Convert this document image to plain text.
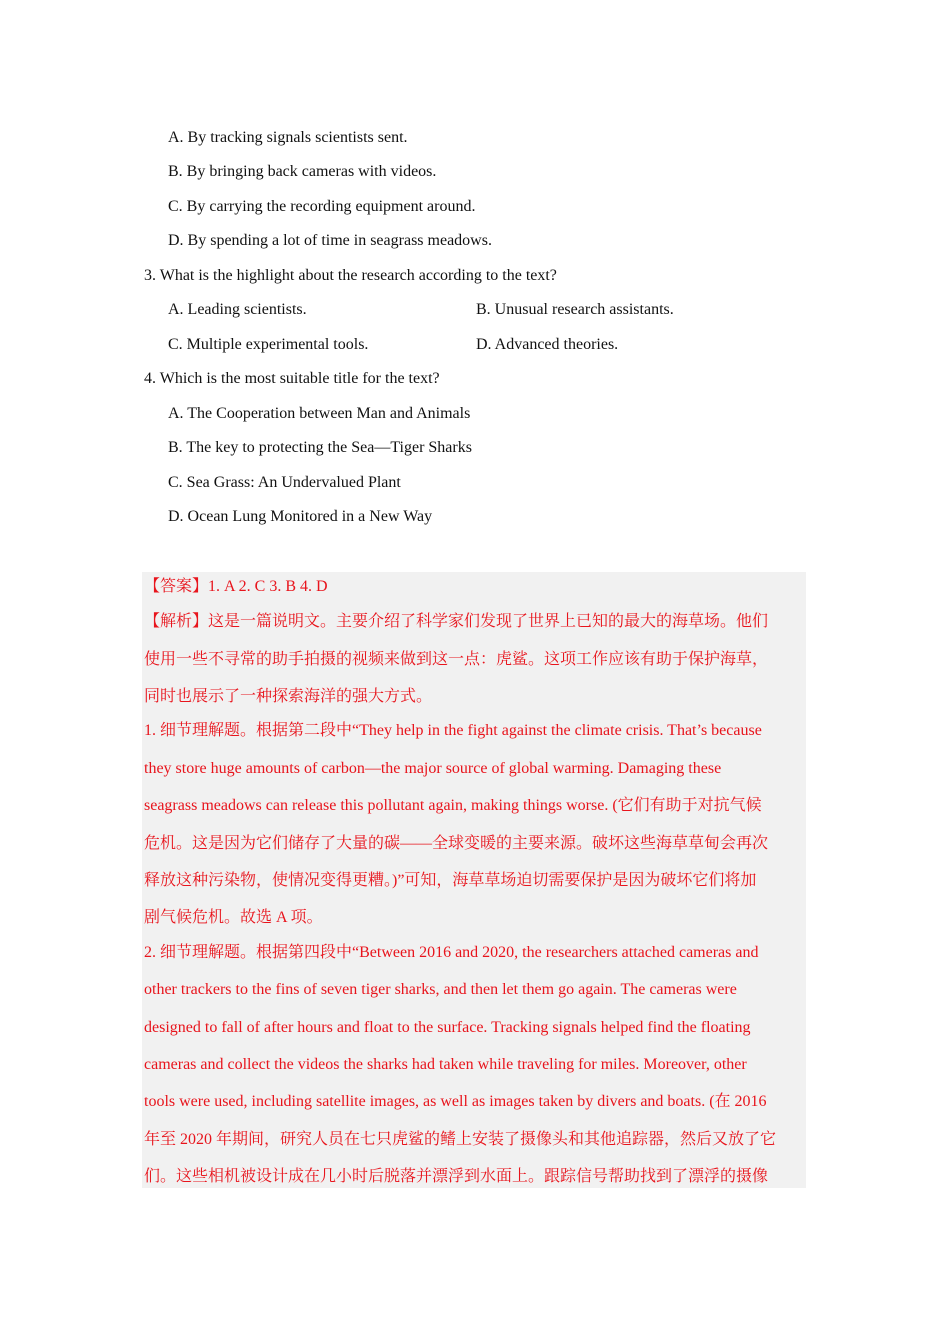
A. By tracking signals scientists sent.
B. By bringing back cameras with videos.
C. By carrying the recording equipment around.
D. By spending a lot of time in seagrass meadows.
3. What is the highlight about the research according to the text?
A. Leading scientists.	B. Unusual research assistants.
C. Multiple experimental tools.	D. Advanced theories.
4. Which is the most suitable title for the text?
A. The Cooperation between Man and Animals
B. The key to protecting the Sea—Tiger Sharks
C. Sea Grass: An Undervalued Plant
D. Ocean Lung Monitored in a New Way
【答案】1. A 2. C 3. B 4. D
【解析】这是一篇说明文。主要介绍了科学家们发现了世界上已知的最大的海草场。他们
使用一些不寻常的助手拍摄的视频来做到这一点：虎鲨。这项工作应该有助于保护海草，
同时也展示了一种探索海洋的强大方式。
1. 细节理解题。根据第二段中“They help in the fight against the climate crisis. That’s because
they store huge amounts of carbon—the major source of global warming. Damaging these
seagrass meadows can release this pollutant again, making things worse. (它们有助于对抗气候
危机。这是因为它们储存了大量的碳——全球变暖的主要来源。破坏这些海草草甸会再次
释放这种污染物，使情况变得更糟。)”可知，海草草场迫切需要保护是因为破坏它们将加
剧气候危机。故选 A 项。
2. 细节理解题。根据第四段中“Between 2016 and 2020, the researchers attached cameras and
other trackers to the fins of seven tiger sharks, and then let them go again. The cameras were
designed to fall of after hours and float to the surface. Tracking signals helped find the floating
cameras and collect the videos the sharks had taken while traveling for miles. Moreover, other
tools were used, including satellite images, as well as images taken by divers and boats. (在 2016
年至 2020 年期间，研究人员在七只虎鲨的鳍上安装了摄像头和其他追踪器，然后又放了它
们。这些相机被设计成在几小时后脱落并漂浮到水面上。跟踪信号帮助找到了漂浮的摄像
